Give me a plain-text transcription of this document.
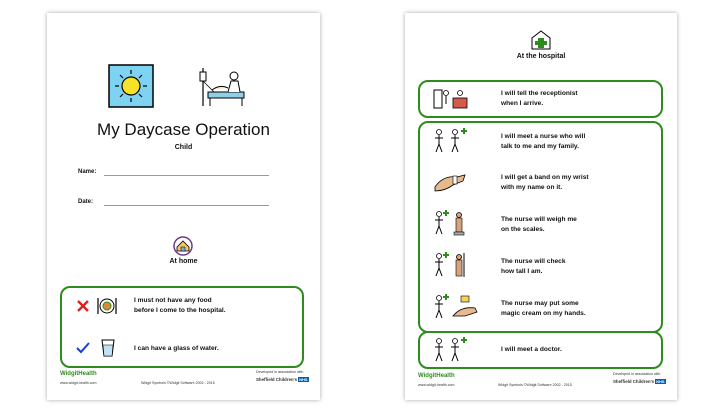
My Daycase Operation
Child
Name:
Date:
At home
I must not have any food
before I come to the hospital.
I can have a glass of water.
WidgitHealth
www.widgit-health.com	Widgit Symbols ©Widgit Software 2002 - 2015
Developed in association with
Sheffield Children's NHS
At the hospital
I will tell the receptionist
when I arrive.
I will meet a nurse who will
talk to me and my family.
I will get a band on my wrist
with my name on it.
The nurse will weigh me
on the scales.
The nurse will check
how tall I am.
The nurse may put some
magic cream on my hands.
I will meet a doctor.
WidgitHealth
www.widgit-health.com	Widgit Symbols ©Widgit Software 2002 - 2015
Developed in association with
Sheffield Children's NHS
